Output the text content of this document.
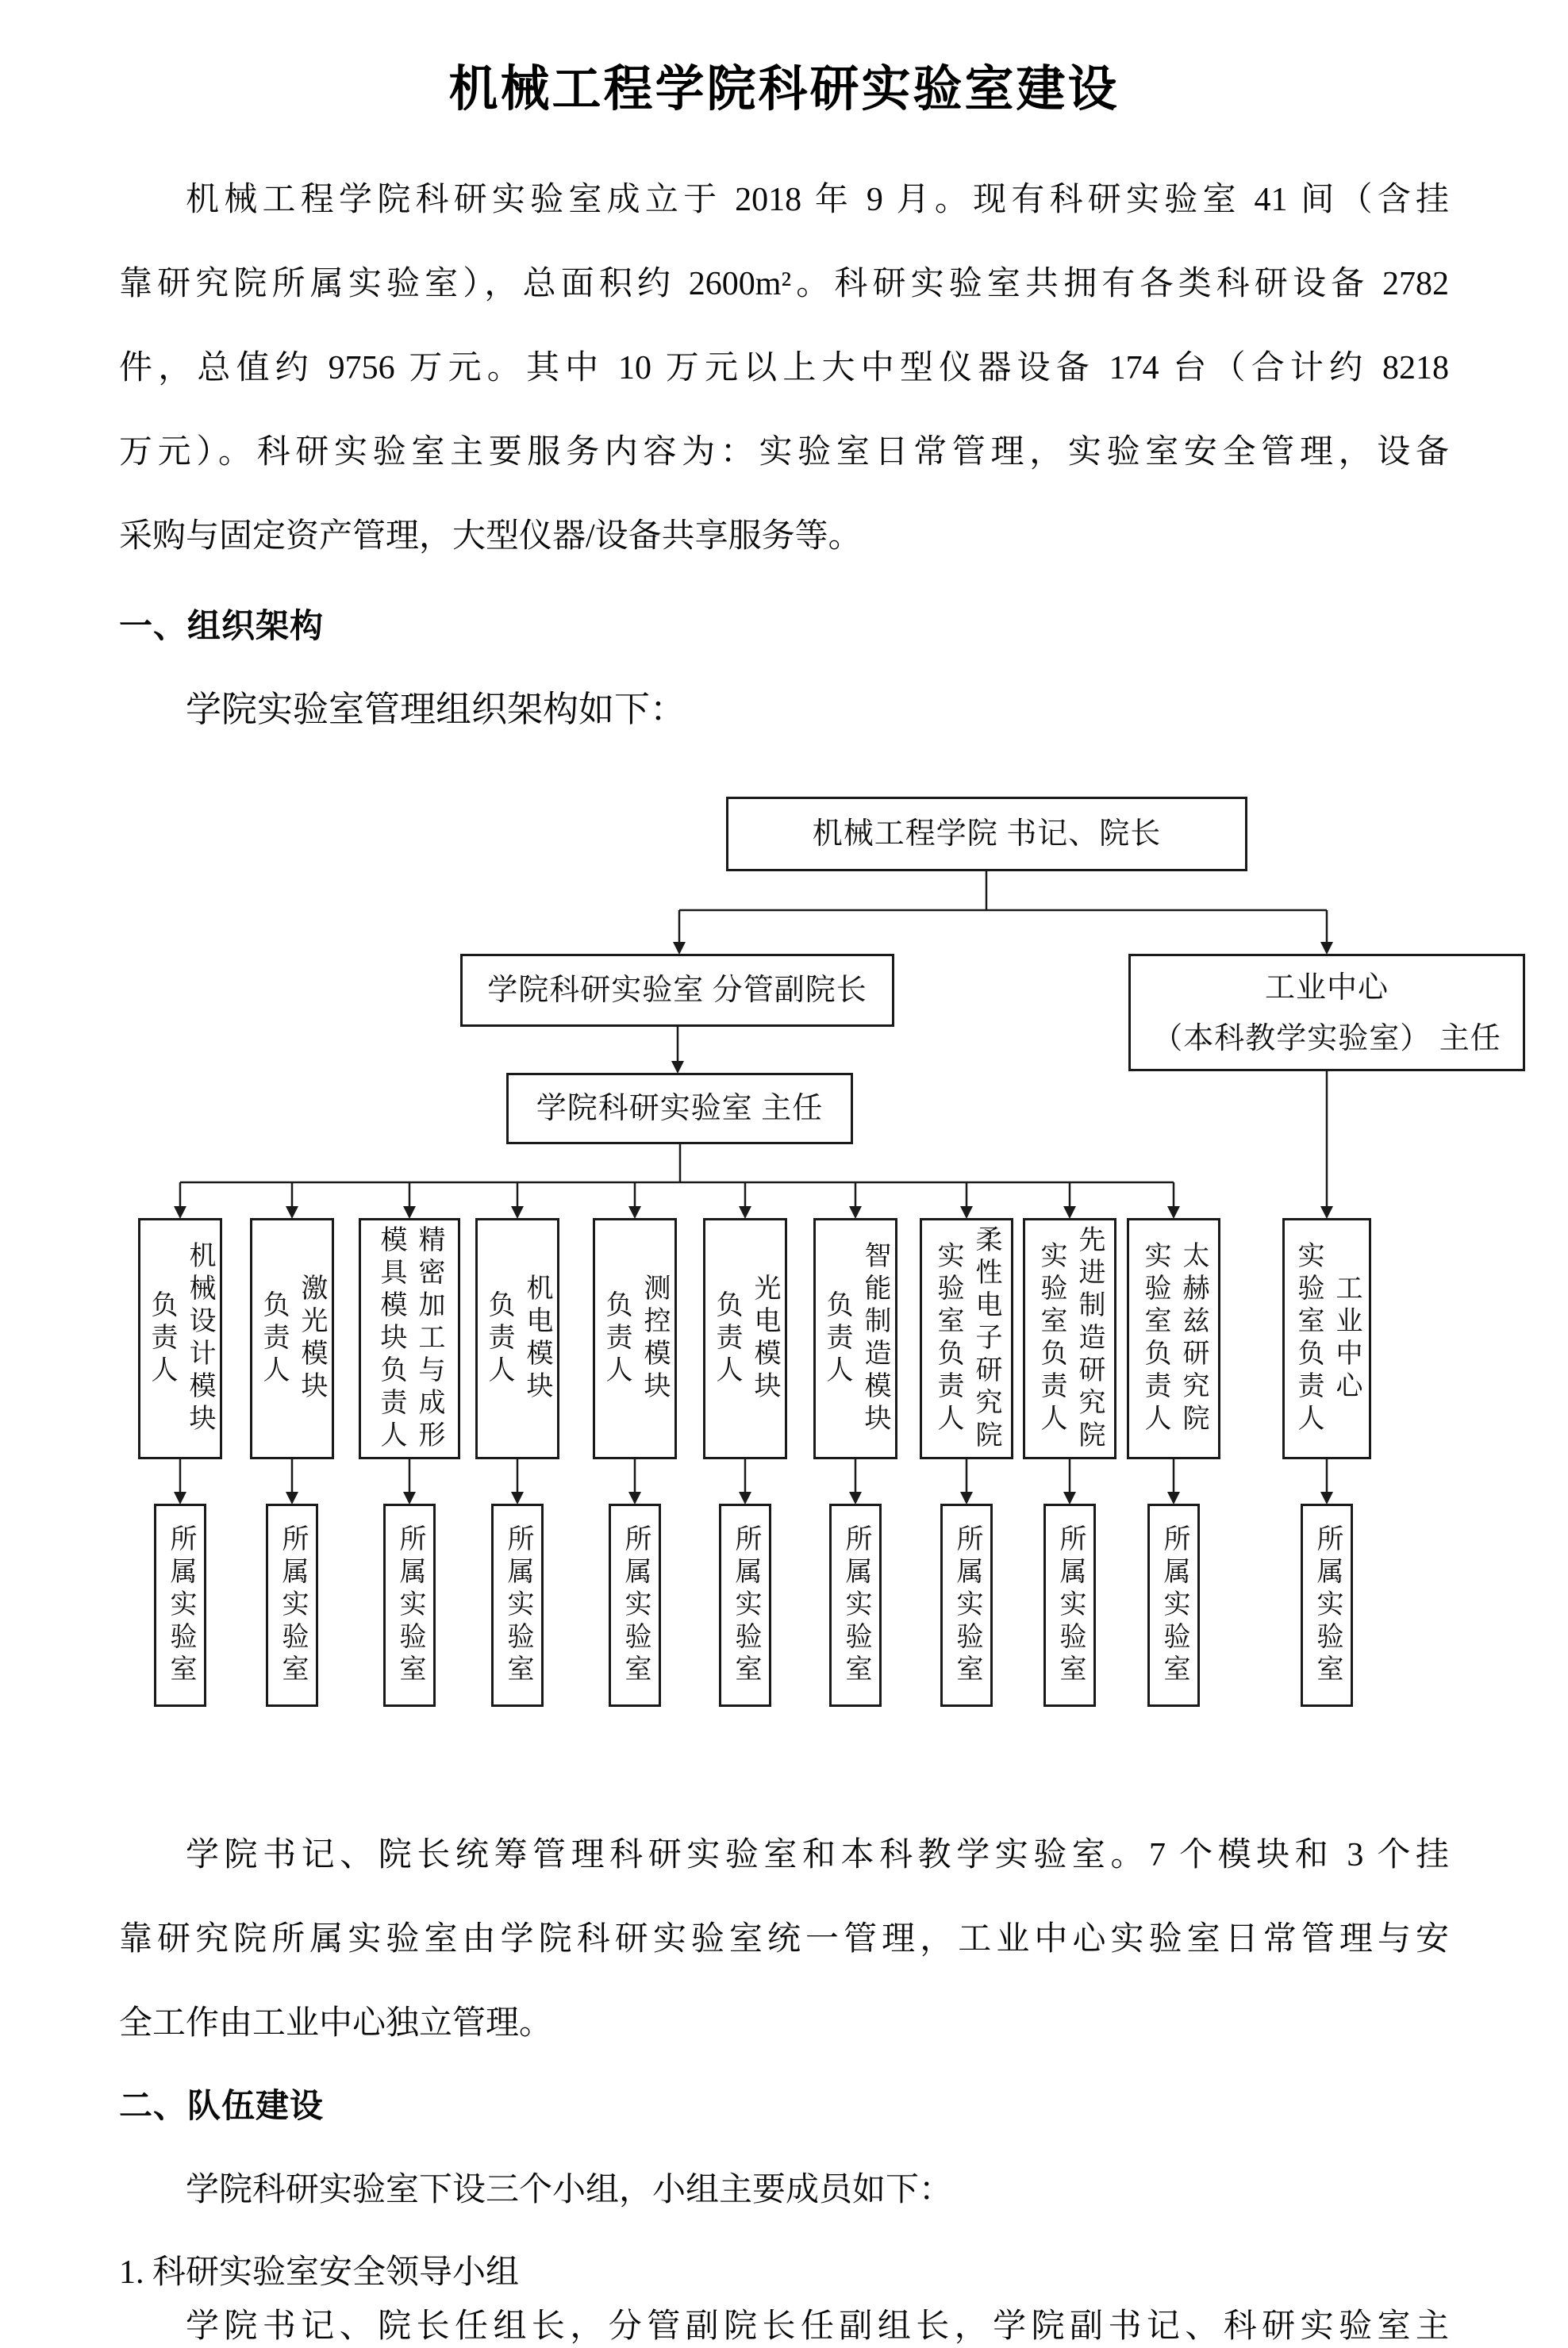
机械工程学院科研实验室建设
机械工程学院科研实验室成立于 2018 年 9 月。现有科研实验室 41 间（含挂
靠研究院所属实验室），总面积约 2600m²。科研实验室共拥有各类科研设备 2782
件，总值约 9756 万元。其中 10 万元以上大中型仪器设备 174 台（合计约 8218
万元）。科研实验室主要服务内容为：实验室日常管理，实验室安全管理，设备
采购与固定资产管理，大型仪器/设备共享服务等。
一、组织架构
学院实验室管理组织架构如下：
机械工程学院 书记、院长
学院科研实验室 分管副院长	工业中心
（本科教学实验室） 主任
学院科研实验室 主任
机械设计模块
负责人	激光模块
负责人	精密加工与成形
模具模块负责人	机电模块
负责人	测控模块
负责人	光电模块
负责人	智能制造模块
负责人	柔性电子研究院
实验室负责人	先进制造研究院
实验室负责人	太赫兹研究院
实验室负责人	工业中心
实验室负责人
所属实验室	所属实验室	所属实验室	所属实验室	所属实验室	所属实验室	所属实验室	所属实验室	所属实验室	所属实验室	所属实验室
学院书记、院长统筹管理科研实验室和本科教学实验室。7 个模块和 3 个挂
靠研究院所属实验室由学院科研实验室统一管理，工业中心实验室日常管理与安
全工作由工业中心独立管理。
二、队伍建设
学院科研实验室下设三个小组，小组主要成员如下：
1. 科研实验室安全领导小组
学院书记、院长任组长，分管副院长任副组长，学院副书记、科研实验室主
